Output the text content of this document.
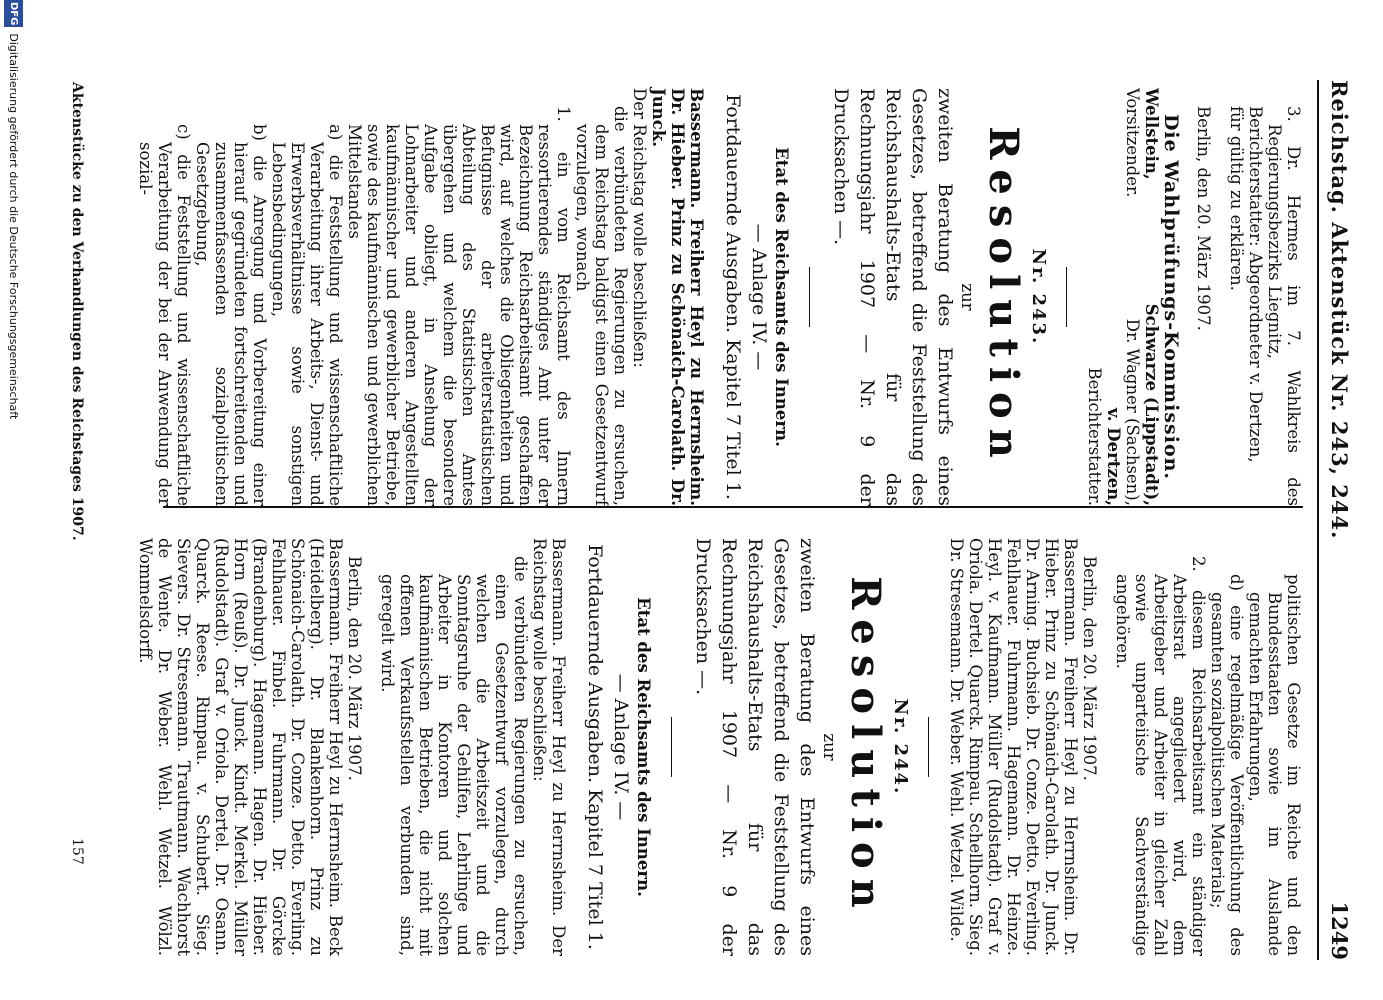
Reichstag. Aktenstück Nr. 243, 244.
1249

3. Dr. Hermes im 7. Wahlkreis des Regierungsbezirks Liegnitz,

Berichterstatter: Abgeordneter v. Dertzen,

für gültig zu erklären.

Berlin, den 20. März 1907.

Die Wahlprüfungs-Kommission.

Wellstein,
Vorsitzender.
Schwarze (Lippstadt),
Dr. Wagner (Sachsen),
v. Dertzen,
Berichterstatter.

Nr. 243.

Resolution

zur

zweiten Beratung des Entwurfs eines Gesetzes, betreffend die Feststellung des Reichshaushalts-Etats für das Rechnungsjahr 1907 — Nr. 9 der Drucksachen —.

Etat des Reichsamts des Innern.

— Anlage IV. —

Fortdauernde Ausgaben. Kapitel 7 Titel 1.

Bassermann. Freiherr Heyl zu Herrnsheim. Dr. Hieber. Prinz zu Schönaich-Carolath. Dr. Junck.

Der Reichstag wolle beschließen:

die verbündeten Regierungen zu ersuchen, dem Reichstag baldigst einen Gesetzentwurf vorzulegen, wonach

1. ein vom Reichsamt des Innern ressortierendes ständiges Amt unter der Bezeichnung Reichsarbeitsamt geschaffen wird, auf welches die Obliegenheiten und Befugnisse der arbeiterstatistischen Abteilung des Statistischen Amtes übergehen und welchem die besondere Aufgabe obliegt, in Ansehung der Lohnarbeiter und anderen Angestellten kaufmännischer und gewerblicher Betriebe, sowie des kaufmännischen und gewerblichen Mittelstandes

a) die Feststellung und wissenschaftliche Verarbeitung ihrer Arbeits-, Dienst- und Erwerbsverhältnisse sowie sonstigen Lebensbedingungen,

b) die Anregung und Vorbereitung einer hierauf gegründeten fortschreitenden und zusammenfassenden sozialpolitischen Gesetzgebung,

c) die Feststellung und wissenschaftliche Verarbeitung der bei der Anwendung der sozial-

politischen Gesetze im Reiche und den Bundesstaaten sowie im Auslande gemachten Erfahrungen,

d) eine regelmäßige Veröffentlichung des gesamten sozialpolitischen Materials;

2. diesem Reichsarbeitsamt ein ständiger Arbeitsrat angegliedert wird, dem Arbeitgeber und Arbeiter in gleicher Zahl sowie unparteiische Sachverständige angehören.

Berlin, den 20. März 1907.

Bassermann. Freiherr Heyl zu Herrnsheim. Dr. Hieber. Prinz zu Schönaich-Carolath. Dr. Junck. Dr. Arning. Buchsieb. Dr. Conze. Detto. Everling. Fehlhauer. Fuhrmann. Hagemann. Dr. Heinze. Heyl. v. Kaufmann. Müller (Rudolstadt). Graf v. Oriola. Dertel. Quarck. Rimpau. Schellhorn. Sieg. Dr. Stresemann. Dr. Weber. Wehl. Wetzel. Wilde.

Nr. 244.

Resolution

zur

zweiten Beratung des Entwurfs eines Gesetzes, betreffend die Feststellung des Reichshaushalts-Etats für das Rechnungsjahr 1907 — Nr. 9 der Drucksachen —.

Etat des Reichsamts des Innern.

— Anlage IV. —

Fortdauernde Ausgaben. Kapitel 7 Titel 1.

Bassermann. Freiherr Heyl zu Herrnsheim. Der Reichstag wolle beschließen:

die verbündeten Regierungen zu ersuchen, einen Gesetzentwurf vorzulegen, durch welchen die Arbeitszeit und die Sonntagsruhe der Gehilfen, Lehrlinge und Arbeiter in Kontoren und solchen kaufmännischen Betrieben, die nicht mit offenen Verkaufsstellen verbunden sind, geregelt wird.

Berlin, den 20. März 1907.

Bassermann. Freiherr Heyl zu Herrnsheim. Beck (Heidelberg). Dr. Blankenhorn. Prinz zu Schönaich-Carolath. Dr. Conze. Detto. Everling. Fehlhauer. Finbel. Fuhrmann. Dr. Görcke (Brandenburg). Hagemann. Hagen. Dr. Hieber. Horn (Reuß). Dr. Junck. Kindt. Merkel. Müller (Rudolstadt). Graf v. Oriola. Dertel. Dr. Osann. Quarck. Reese. Rimpau. v. Schubert. Sieg. Sievers. Dr. Stresemann. Trautmann. Wachhorst de Wente. Dr. Weber. Wehl. Wetzel. Wölzl. Wommelsdorff.

Aktenstücke zu den Verhandlungen des Reichstages 1907.
157
DFG
Digitalisierung gefördert durch die Deutsche Forschungsgemeinschaft
